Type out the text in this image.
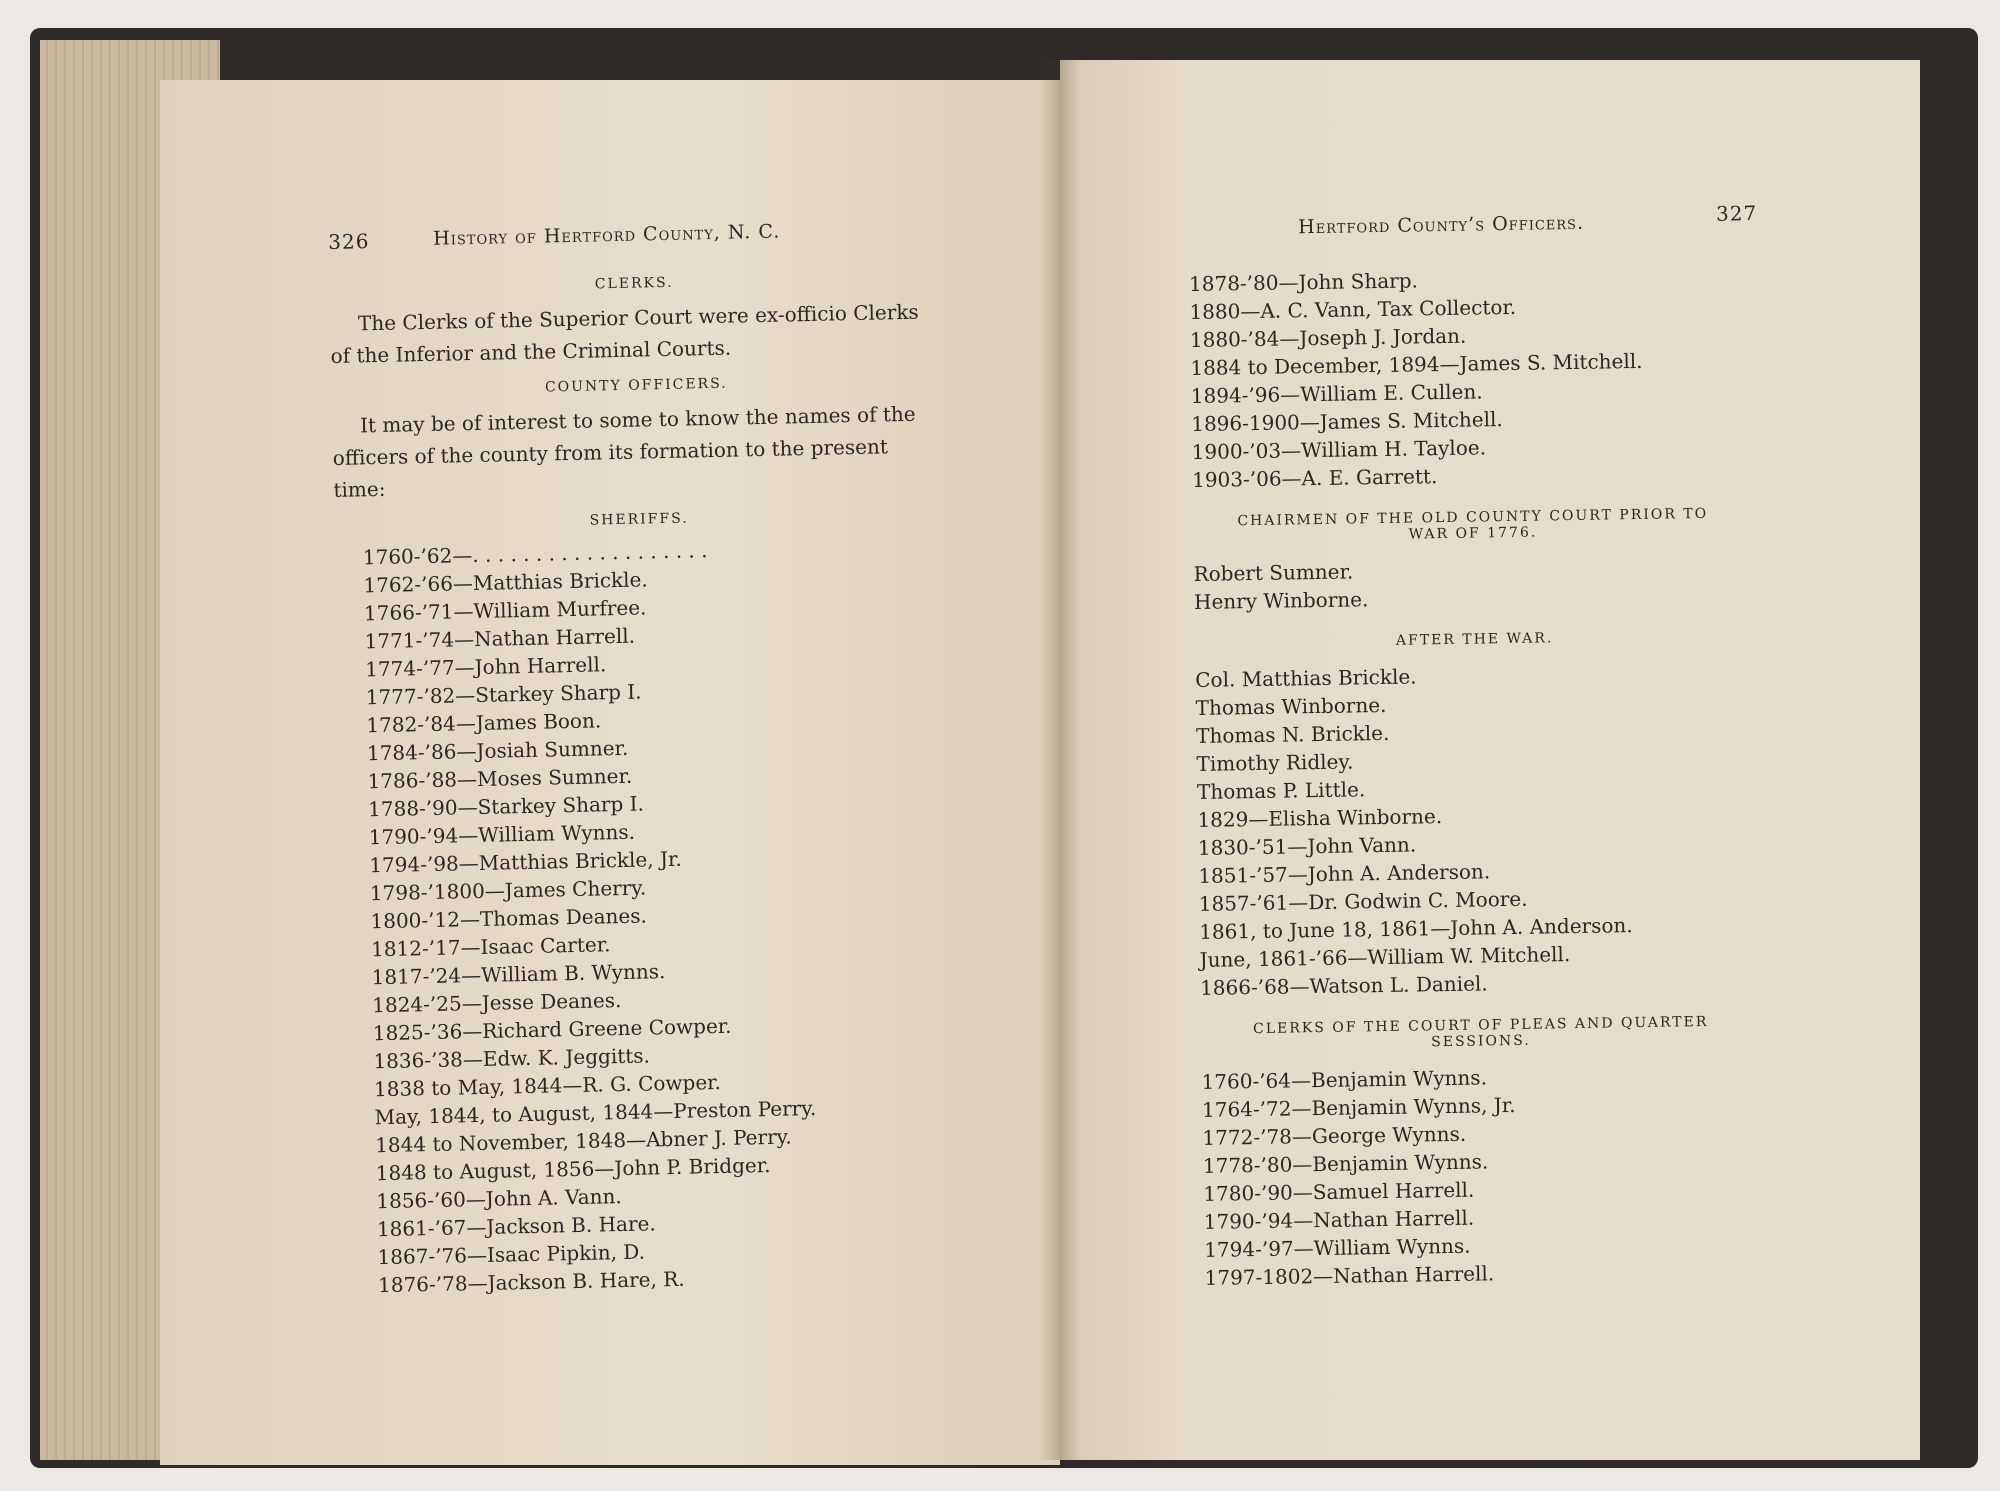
326	History of Hertford County, N. C.
CLERKS.

The Clerks of the Superior Court were ex-officio Clerks of the Inferior and the Criminal Courts.

COUNTY OFFICERS.

It may be of interest to some to know the names of the officers of the county from its formation to the present time:

SHERIFFS.
1760-’62—. . . . . . . . . . . . . . . . . . .
1762-’66—Matthias Brickle.
1766-’71—William Murfree.
1771-’74—Nathan Harrell.
1774-’77—John Harrell.
1777-’82—Starkey Sharp I.
1782-’84—James Boon.
1784-’86—Josiah Sumner.
1786-’88—Moses Sumner.
1788-’90—Starkey Sharp I.
1790-’94—William Wynns.
1794-’98—Matthias Brickle, Jr.
1798-’1800—James Cherry.
1800-’12—Thomas Deanes.
1812-’17—Isaac Carter.
1817-’24—William B. Wynns.
1824-’25—Jesse Deanes.
1825-’36—Richard Greene Cowper.
1836-’38—Edw. K. Jeggitts.
1838 to May, 1844—R. G. Cowper.
May, 1844, to August, 1844—Preston Perry.
1844 to November, 1848—Abner J. Perry.
1848 to August, 1856—John P. Bridger.
1856-’60—John A. Vann.
1861-’67—Jackson B. Hare.
1867-’76—Isaac Pipkin, D.
1876-’78—Jackson B. Hare, R.
Hertford County’s Officers.	327
1878-’80—John Sharp.
1880—A. C. Vann, Tax Collector.
1880-’84—Joseph J. Jordan.
1884 to December, 1894—James S. Mitchell.
1894-’96—William E. Cullen.
1896-1900—James S. Mitchell.
1900-’03—William H. Tayloe.
1903-’06—A. E. Garrett.
CHAIRMEN OF THE OLD COUNTY COURT PRIOR TO
WAR OF 1776.
Robert Sumner.
Henry Winborne.
AFTER THE WAR.
Col. Matthias Brickle.
Thomas Winborne.
Thomas N. Brickle.
Timothy Ridley.
Thomas P. Little.
1829—Elisha Winborne.
1830-’51—John Vann.
1851-’57—John A. Anderson.
1857-’61—Dr. Godwin C. Moore.
1861, to June 18, 1861—John A. Anderson.
June, 1861-’66—William W. Mitchell.
1866-’68—Watson L. Daniel.
CLERKS OF THE COURT OF PLEAS AND QUARTER SESSIONS.
1760-’64—Benjamin Wynns.
1764-’72—Benjamin Wynns, Jr.
1772-’78—George Wynns.
1778-’80—Benjamin Wynns.
1780-’90—Samuel Harrell.
1790-’94—Nathan Harrell.
1794-’97—William Wynns.
1797-1802—Nathan Harrell.
